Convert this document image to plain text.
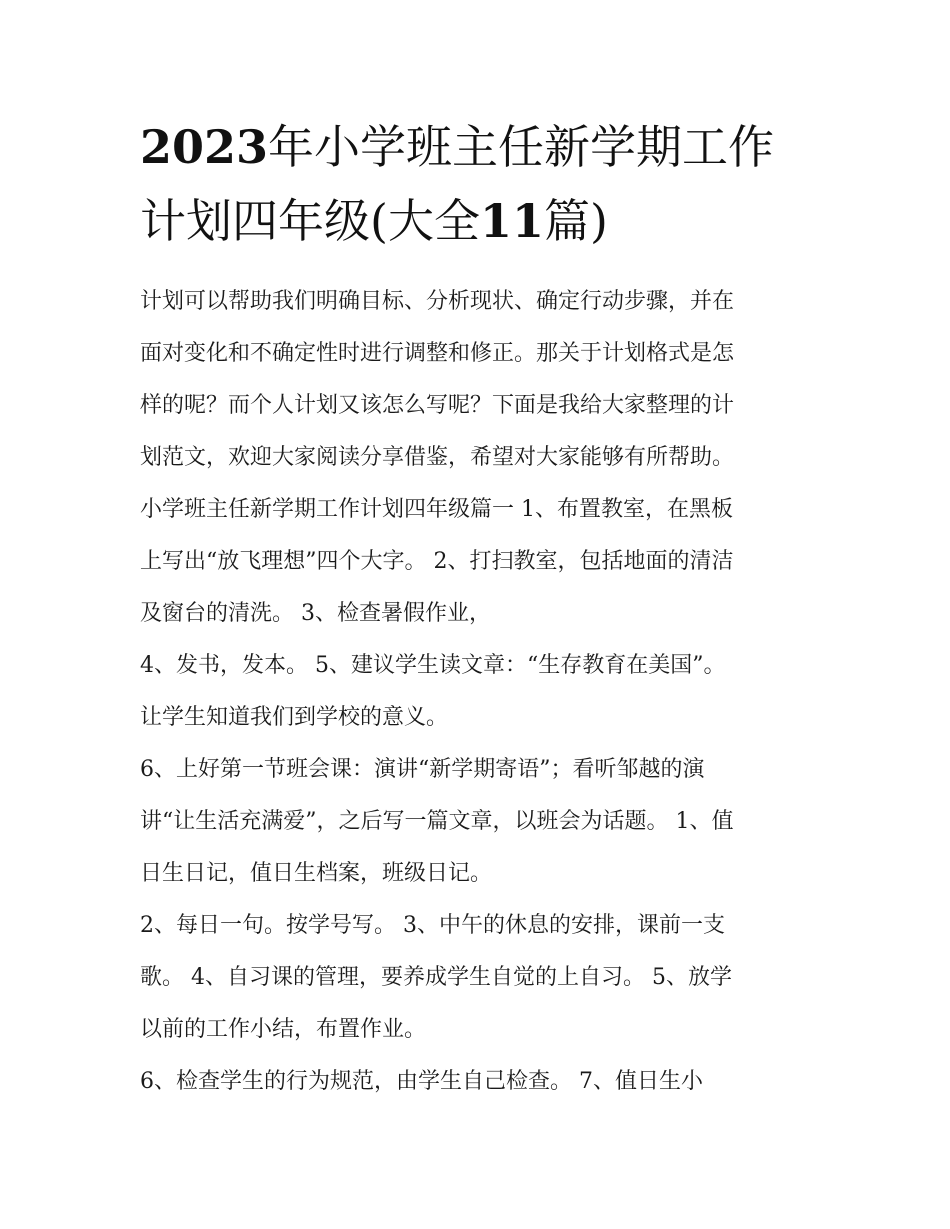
2023年小学班主任新学期工作
计划四年级(大全11篇)
计划可以帮助我们明确目标、分析现状、确定行动步骤，并在
面对变化和不确定性时进行调整和修正。那关于计划格式是怎
样的呢？而个人计划又该怎么写呢？下面是我给大家整理的计
划范文，欢迎大家阅读分享借鉴，希望对大家能够有所帮助。
小学班主任新学期工作计划四年级篇一 1、布置教室，在黑板
上写出“放飞理想”四个大字。 2、打扫教室，包括地面的清洁
及窗台的清洗。 3、检查暑假作业，
4、发书，发本。 5、建议学生读文章：“生存教育在美国”。
让学生知道我们到学校的意义。
6、上好第一节班会课：演讲“新学期寄语”；看听邹越的演
讲“让生活充满爱”，之后写一篇文章，以班会为话题。 1、值
日生日记，值日生档案，班级日记。
2、每日一句。按学号写。 3、中午的休息的安排，课前一支
歌。 4、自习课的管理，要养成学生自觉的上自习。 5、放学
以前的工作小结，布置作业。
6、检查学生的行为规范，由学生自己检查。 7、值日生小
